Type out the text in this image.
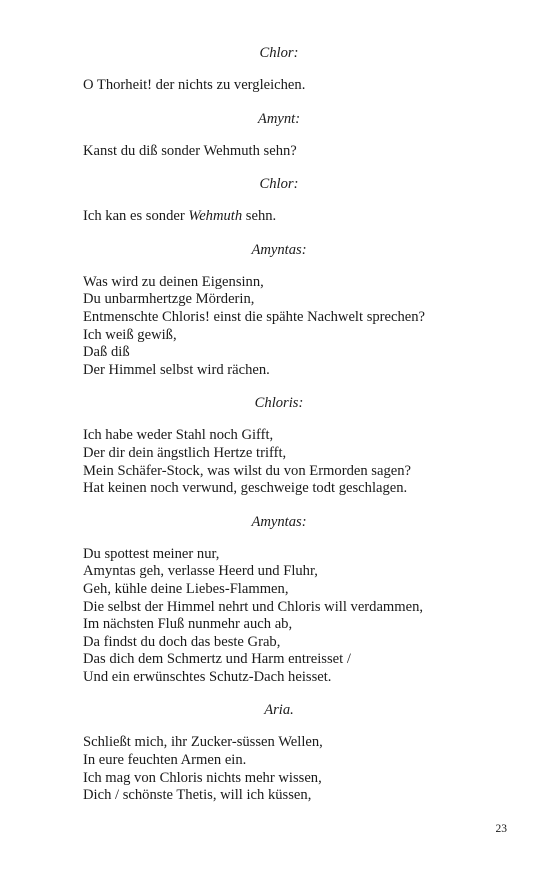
Chlor:
O Thorheit! der nichts zu vergleichen.
Amynt:
Kanst du diß sonder Wehmuth sehn?
Chlor:
Ich kan es sonder Wehmuth sehn.
Amyntas:
Was wird zu deinen Eigensinn,
Du unbarmhertzge Mörderin,
Entmenschte Chloris! einst die spähte Nachwelt sprechen?
Ich weiß gewiß,
Daß diß
Der Himmel selbst wird rächen.
Chloris:
Ich habe weder Stahl noch Gifft,
Der dir dein ängstlich Hertze trifft,
Mein Schäfer-Stock, was wilst du von Ermorden sagen?
Hat keinen noch verwund, geschweige todt geschlagen.
Amyntas:
Du spottest meiner nur,
Amyntas geh, verlasse Heerd und Fluhr,
Geh, kühle deine Liebes-Flammen,
Die selbst der Himmel nehrt und Chloris will verdammen,
Im nächsten Fluß nunmehr auch ab,
Da findst du doch das beste Grab,
Das dich dem Schmertz und Harm entreisset /
Und ein erwünschtes Schutz-Dach heisset.
Aria.
Schließt mich, ihr Zucker-süssen Wellen,
In eure feuchten Armen ein.
Ich mag von Chloris nichts mehr wissen,
Dich / schönste Thetis, will ich küssen,
23
